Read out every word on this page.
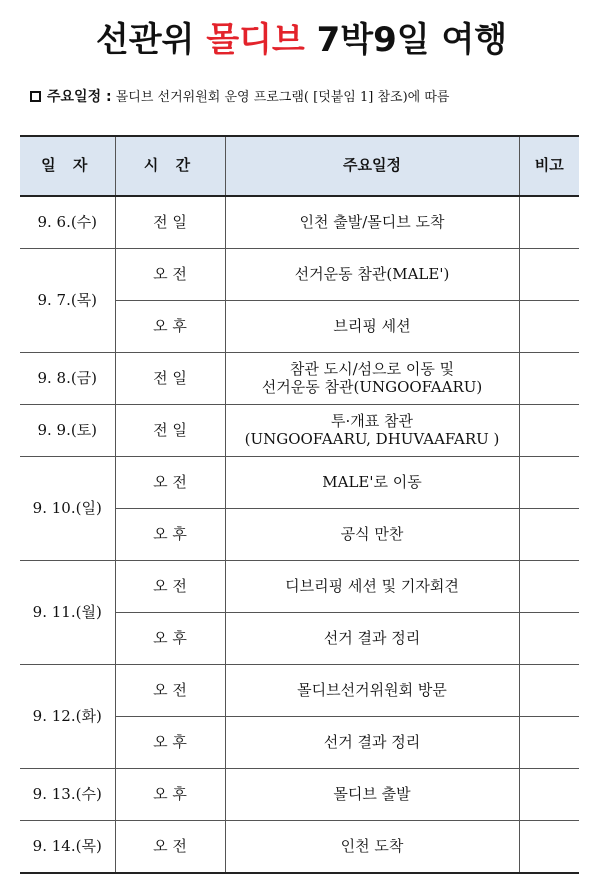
선관위 몰디브 7박9일 여행
주요일정 : 몰디브 선거위원회 운영 프로그램( [덧붙임 1] 참조)에 따름
일 자	시 간	주요일정	비고
9. 6.(수)	전 일	인천 출발/몰디브 도착	
9. 7.(목)	오 전	선거운동 참관(MALE')	
	오 후	브리핑 세션	
9. 8.(금)	전 일	참관 도시/섬으로 이동 및
선거운동 참관(UNGOOFAARU)	
9. 9.(토)	전 일	투·개표 참관
(UNGOOFAARU, DHUVAAFARU )	
9. 10.(일)	오 전	MALE'로 이동	
	오 후	공식 만찬	
9. 11.(월)	오 전	디브리핑 세션 및 기자회견	
	오 후	선거 결과 정리	
9. 12.(화)	오 전	몰디브선거위원회 방문	
	오 후	선거 결과 정리	
9. 13.(수)	오 후	몰디브 출발	
9. 14.(목)	오 전	인천 도착	
